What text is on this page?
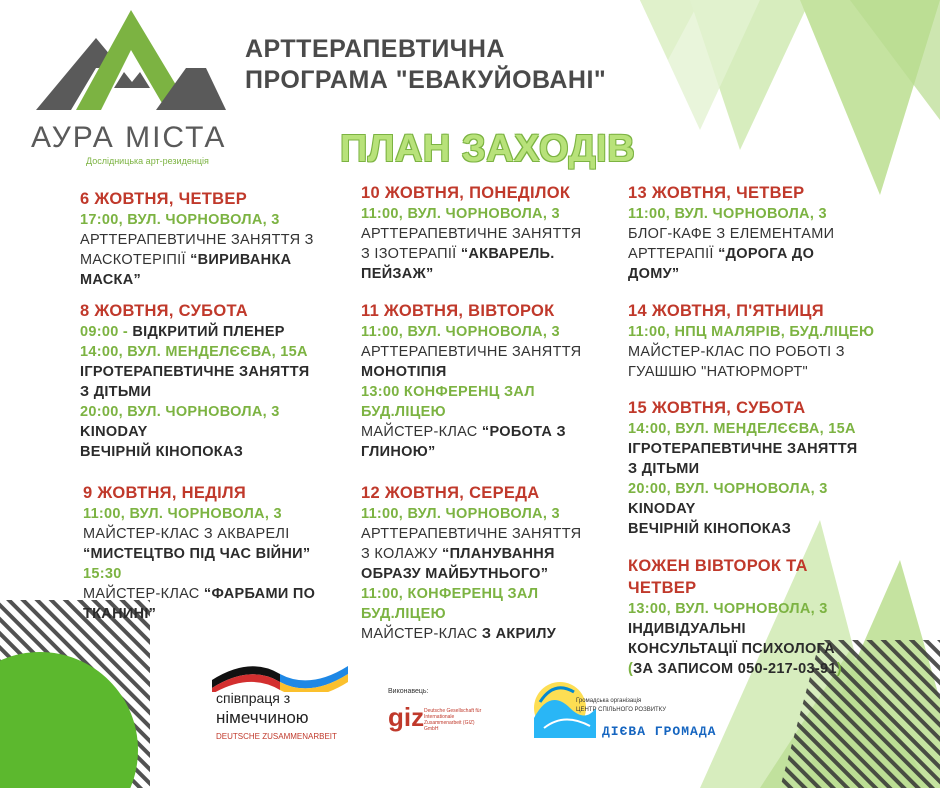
АУРА МІСТА
Дослідницька арт-резиденція
АРТТЕРАПЕВТИЧНА
ПРОГРАМА "ЕВАКУЙОВАНІ"
ПЛАН ЗАХОДІВ
6 ЖОВТНЯ, ЧЕТВЕР
17:00, ВУЛ. ЧОРНОВОЛА, 3
АРТТЕРАПЕВТИЧНЕ ЗАНЯТТЯ З
МАСКОТЕРІПІЇ “ВИРИВАНКА
МАСКА”
8 ЖОВТНЯ, СУБОТА
09:00 - ВІДКРИТИЙ ПЛЕНЕР
14:00, ВУЛ. МЕНДЕЛЄЄВА, 15А
ІГРОТЕРАПЕВТИЧНЕ ЗАНЯТТЯ
З ДІТЬМИ
20:00, ВУЛ. ЧОРНОВОЛА, 3
KINODAY
ВЕЧІРНІЙ КІНОПОКАЗ
9 ЖОВТНЯ, НЕДІЛЯ
11:00, ВУЛ. ЧОРНОВОЛА, 3
МАЙСТЕР-КЛАС З АКВАРЕЛІ
“МИСТЕЦТВО ПІД ЧАС ВІЙНИ”
15:30
МАЙСТЕР-КЛАС “ФАРБАМИ ПО
ТКАНИНІ”
10 ЖОВТНЯ, ПОНЕДІЛОК
11:00, ВУЛ. ЧОРНОВОЛА, 3
АРТТЕРАПЕВТИЧНЕ ЗАНЯТТЯ
З ІЗОТЕРАПІЇ “АКВАРЕЛЬ.
ПЕЙЗАЖ”
11 ЖОВТНЯ, ВІВТОРОК
11:00, ВУЛ. ЧОРНОВОЛА, 3
АРТТЕРАПЕВТИЧНЕ ЗАНЯТТЯ
МОНОТІПІЯ
13:00 КОНФЕРЕНЦ ЗАЛ
БУД.ЛІЦЕЮ
МАЙСТЕР-КЛАС “РОБОТА З
ГЛИНОЮ”
12 ЖОВТНЯ, СЕРЕДА
11:00, ВУЛ. ЧОРНОВОЛА, 3
АРТТЕРАПЕВТИЧНЕ ЗАНЯТТЯ
З КОЛАЖУ “ПЛАНУВАННЯ
ОБРАЗУ МАЙБУТНЬОГО”
11:00, КОНФЕРЕНЦ ЗАЛ
БУД.ЛІЦЕЮ
МАЙСТЕР-КЛАС З АКРИЛУ
13 ЖОВТНЯ, ЧЕТВЕР
11:00, ВУЛ. ЧОРНОВОЛА, 3
БЛОГ-КАФЕ З ЕЛЕМЕНТАМИ
АРТТЕРАПІЇ “ДОРОГА ДО
ДОМУ”
14 ЖОВТНЯ, П'ЯТНИЦЯ
11:00, НПЦ МАЛЯРІВ, БУД.ЛІЦЕЮ
МАЙСТЕР-КЛАС ПО РОБОТІ З
ГУАШШЮ "НАТЮРМОРТ"
15 ЖОВТНЯ, СУБОТА
14:00, ВУЛ. МЕНДЕЛЄЄВА, 15А
ІГРОТЕРАПЕВТИЧНЕ ЗАНЯТТЯ
З ДІТЬМИ
20:00, ВУЛ. ЧОРНОВОЛА, 3
KINODAY
ВЕЧІРНІЙ КІНОПОКАЗ
КОЖЕН ВІВТОРОК ТА
ЧЕТВЕР
13:00, ВУЛ. ЧОРНОВОЛА, 3
ІНДИВІДУАЛЬНІ
КОНСУЛЬТАЦІЇ ПСИХОЛОГА
(ЗА ЗАПИСОМ 050-217-03-91)
співпраця з
німеччиною
DEUTSCHE ZUSAMMENARBEIT
Виконавець:
giz Deutsche Gesellschaft für Internationale Zusammenarbeit (GIZ) GmbH
Громадська організація
ЦЕНТР СПІЛЬНОГО РОЗВИТКУ
ДІЄВА ГРОМАДА
